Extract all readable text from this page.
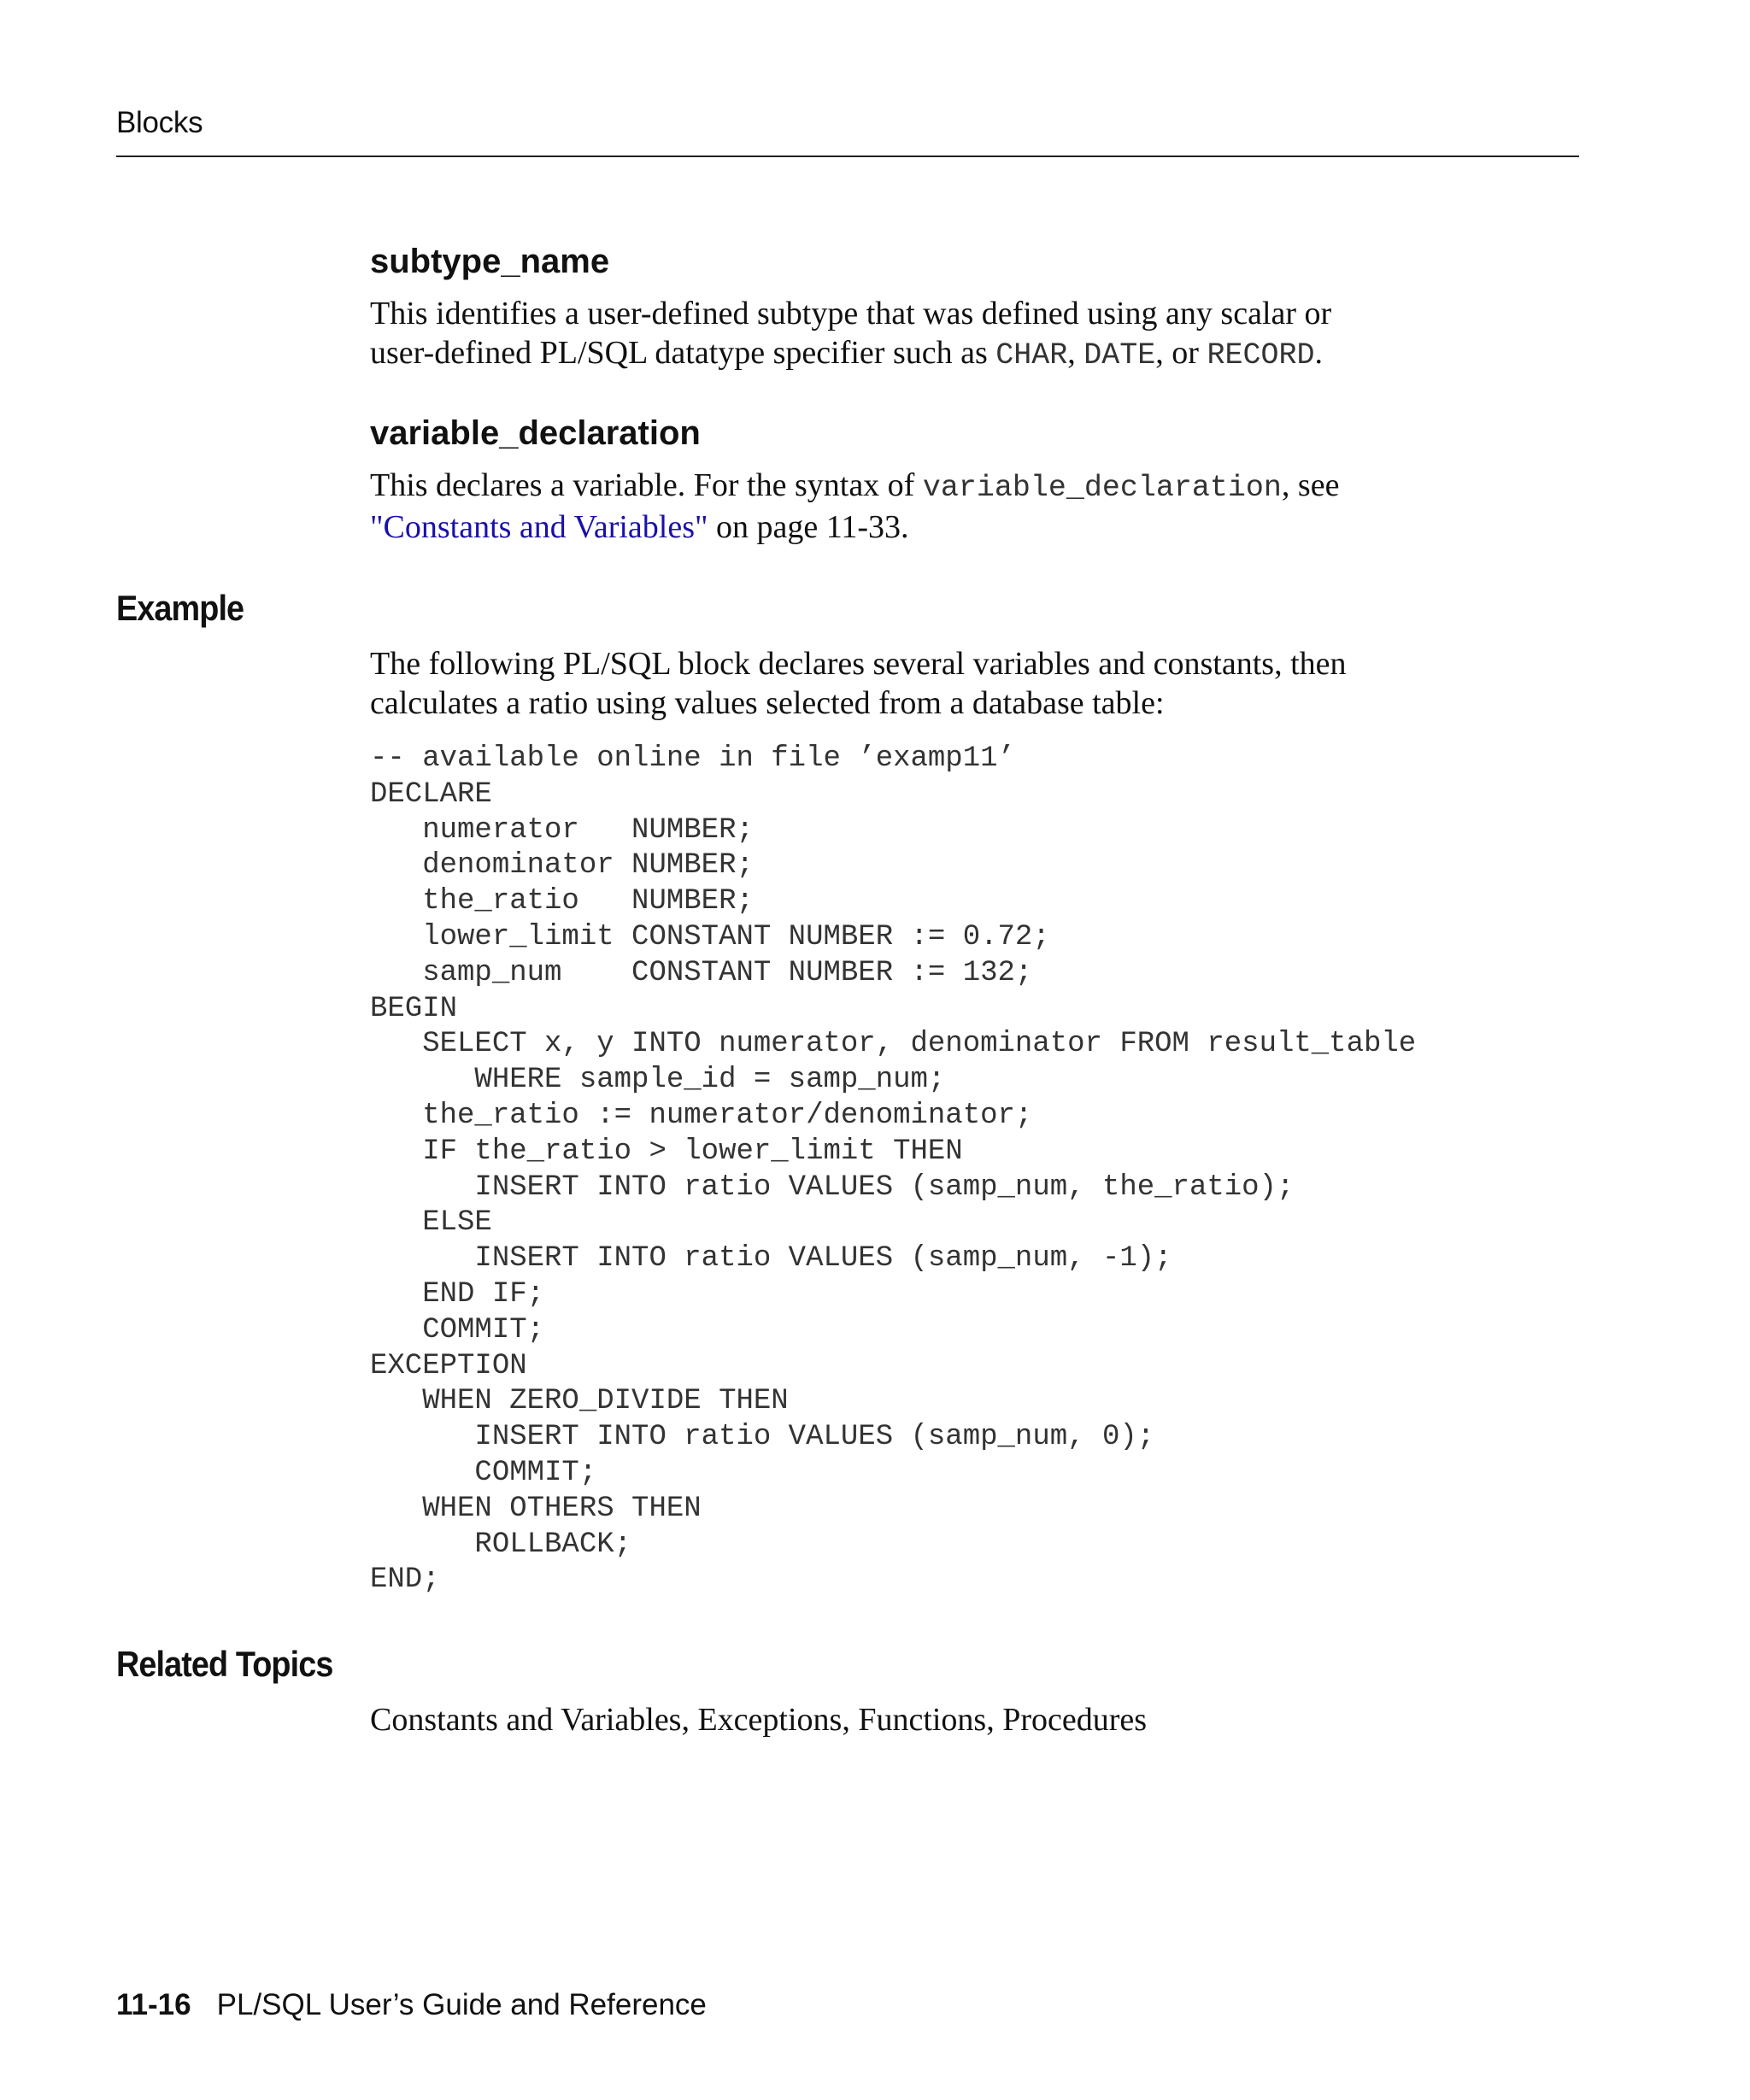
Blocks
subtype_name
This identifies a user-defined subtype that was defined using any scalar or
user-defined PL/SQL datatype specifier such as CHAR, DATE, or RECORD.
variable_declaration
This declares a variable. For the syntax of variable_declaration, see
"Constants and Variables" on page 11-33.
Example
The following PL/SQL block declares several variables and constants, then
calculates a ratio using values selected from a database table:
-- available online in file ’examp11’
DECLARE
numerator   NUMBER;
denominator NUMBER;
the_ratio   NUMBER;
lower_limit CONSTANT NUMBER := 0.72;
samp_num    CONSTANT NUMBER := 132;
BEGIN
SELECT x, y INTO numerator, denominator FROM result_table
WHERE sample_id = samp_num;
the_ratio := numerator/denominator;
IF the_ratio > lower_limit THEN
INSERT INTO ratio VALUES (samp_num, the_ratio);
ELSE
INSERT INTO ratio VALUES (samp_num, -1);
END IF;
COMMIT;
EXCEPTION
WHEN ZERO_DIVIDE THEN
INSERT INTO ratio VALUES (samp_num, 0);
COMMIT;
WHEN OTHERS THEN
ROLLBACK;
END;
Related Topics
Constants and Variables, Exceptions, Functions, Procedures
11-16 PL/SQL User’s Guide and Reference
